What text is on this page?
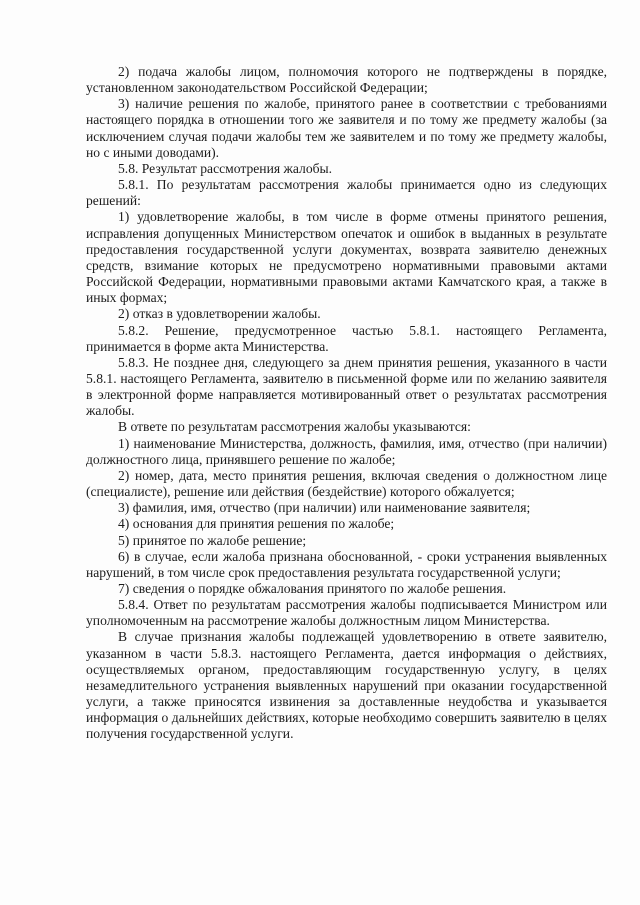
2) подача жалобы лицом, полномочия которого не подтверждены в порядке, установленном законодательством Российской Федерации;

3) наличие решения по жалобе, принятого ранее в соответствии с требованиями настоящего порядка в отношении того же заявителя и по тому же предмету жалобы (за исключением случая подачи жалобы тем же заявителем и по тому же предмету жалобы, но с иными доводами).

5.8. Результат рассмотрения жалобы.

5.8.1. По результатам рассмотрения жалобы принимается одно из следующих решений:

1) удовлетворение жалобы, в том числе в форме отмены принятого решения, исправления допущенных Министерством опечаток и ошибок в выданных в результате предоставления государственной услуги документах, возврата заявителю денежных средств, взимание которых не предусмотрено нормативными правовыми актами Российской Федерации, нормативными правовыми актами Камчатского края, а также в иных формах;

2) отказ в удовлетворении жалобы.

5.8.2. Решение, предусмотренное частью 5.8.1. настоящего Регламента, принимается в форме акта Министерства.

5.8.3. Не позднее дня, следующего за днем принятия решения, указанного в части 5.8.1. настоящего Регламента, заявителю в письменной форме или по желанию заявителя в электронной форме направляется мотивированный ответ о результатах рассмотрения жалобы.

В ответе по результатам рассмотрения жалобы указываются:

1) наименование Министерства, должность, фамилия, имя, отчество (при наличии) должностного лица, принявшего решение по жалобе;

2) номер, дата, место принятия решения, включая сведения о должностном лице (специалисте), решение или действия (бездействие) которого обжалуется;

3) фамилия, имя, отчество (при наличии) или наименование заявителя;

4) основания для принятия решения по жалобе;

5) принятое по жалобе решение;

6) в случае, если жалоба признана обоснованной, - сроки устранения выявленных нарушений, в том числе срок предоставления результата государственной услуги;

7) сведения о порядке обжалования принятого по жалобе решения.

5.8.4. Ответ по результатам рассмотрения жалобы подписывается Министром или уполномоченным на рассмотрение жалобы должностным лицом Министерства.

В случае признания жалобы подлежащей удовлетворению в ответе заявителю, указанном в части 5.8.3. настоящего Регламента, дается информация о действиях, осуществляемых органом, предоставляющим государственную услугу, в целях незамедлительного устранения выявленных нарушений при оказании государственной услуги, а также приносятся извинения за доставленные неудобства и указывается информация о дальнейших действиях, которые необходимо совершить заявителю в целях получения государственной услуги.
